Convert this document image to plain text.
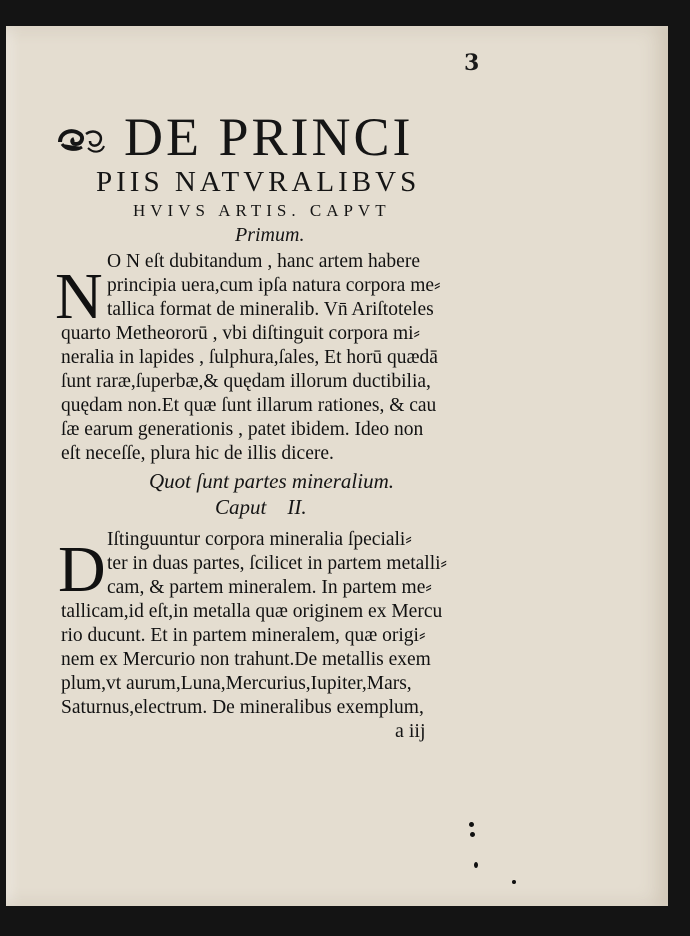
3
DE PRINCI
PIIS NATVRALIBVS
HVIVS ARTIS. CAPVT
Primum.
N O N eſt dubitandum , hanc artem habere
principia uera,cum ipſa natura corpora me⸗
tallica format de mineralib. Vn̄ Ariſtoteles
quarto Metheororū , vbi diſtinguit corpora mi⸗
neralia in lapides , ſulphura,ſales, Et horū quædā
ſunt raræ,ſuperbæ,& quędam illorum ductibilia,
quędam non.Et quæ ſunt illarum rationes, & cau
ſæ earum generationis , patet ibidem. Ideo non
eſt neceſſe, plura hic de illis dicere.
Quot ſunt partes mineralium.
Caput    II.
D Iſtinguuntur corpora mineralia ſpeciali⸗
ter in duas partes, ſcilicet in partem metalli⸗
cam, & partem mineralem. In partem me⸗
tallicam,id eſt,in metalla quæ originem ex Mercu
rio ducunt. Et in partem mineralem, quæ origi⸗
nem ex Mercurio non trahunt.De metallis exem
plum,vt aurum,Luna,Mercurius,Iupiter,Mars,
Saturnus,electrum. De mineralibus exemplum,
a iij
